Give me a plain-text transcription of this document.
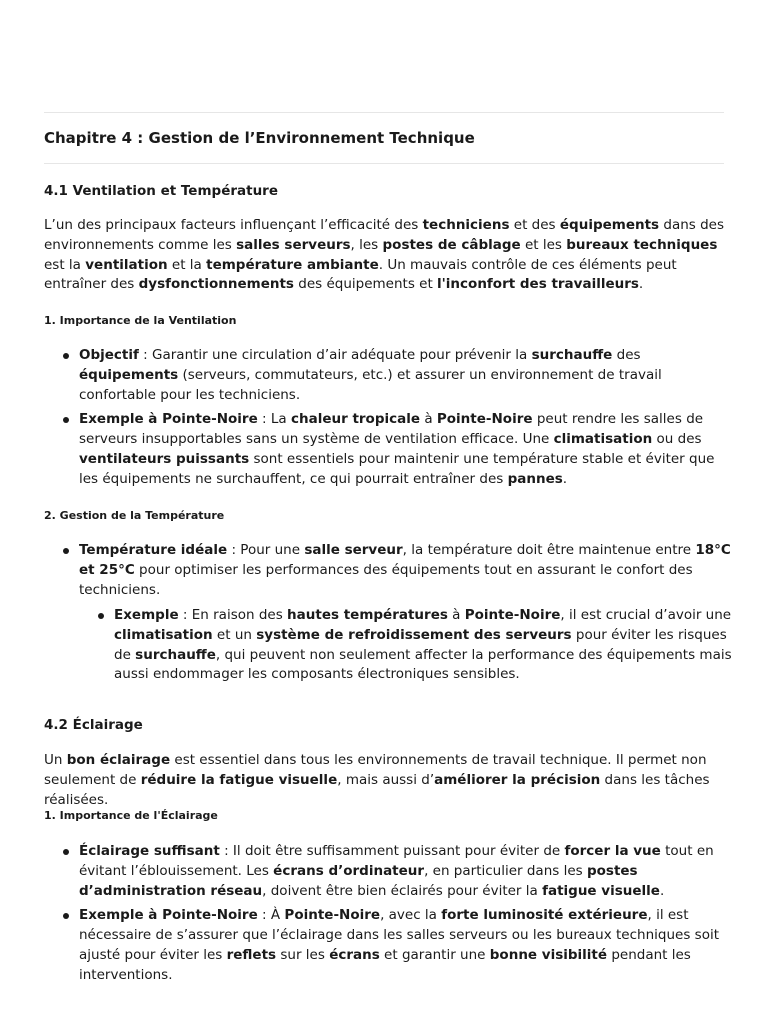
Chapitre 4 : Gestion de l’Environnement Technique
4.1 Ventilation et Température

L’un des principaux facteurs influençant l’efficacité des techniciens et des équipements dans des environnements comme les salles serveurs, les postes de câblage et les bureaux techniques est la ventilation et la température ambiante. Un mauvais contrôle de ces éléments peut entraîner des dysfonctionnements des équipements et l'inconfort des travailleurs.

1. Importance de la Ventilation
Objectif : Garantir une circulation d’air adéquate pour prévenir la surchauffe des équipements (serveurs, commutateurs, etc.) et assurer un environnement de travail confortable pour les techniciens.
Exemple à Pointe-Noire : La chaleur tropicale à Pointe-Noire peut rendre les salles de serveurs insupportables sans un système de ventilation efficace. Une climatisation ou des ventilateurs puissants sont essentiels pour maintenir une température stable et éviter que les équipements ne surchauffent, ce qui pourrait entraîner des pannes.
2. Gestion de la Température
Température idéale : Pour une salle serveur, la température doit être maintenue entre 18°C et 25°C pour optimiser les performances des équipements tout en assurant le confort des techniciens.
Exemple : En raison des hautes températures à Pointe-Noire, il est crucial d’avoir une climatisation et un système de refroidissement des serveurs pour éviter les risques de surchauffe, qui peuvent non seulement affecter la performance des équipements mais aussi endommager les composants électroniques sensibles.
4.2 Éclairage

Un bon éclairage est essentiel dans tous les environnements de travail technique. Il permet non seulement de réduire la fatigue visuelle, mais aussi d’améliorer la précision dans les tâches réalisées.

1. Importance de l'Éclairage
Éclairage suffisant : Il doit être suffisamment puissant pour éviter de forcer la vue tout en évitant l’éblouissement. Les écrans d’ordinateur, en particulier dans les postes d’administration réseau, doivent être bien éclairés pour éviter la fatigue visuelle.
Exemple à Pointe-Noire : À Pointe-Noire, avec la forte luminosité extérieure, il est nécessaire de s’assurer que l’éclairage dans les salles serveurs ou les bureaux techniques soit ajusté pour éviter les reflets sur les écrans et garantir une bonne visibilité pendant les interventions.
